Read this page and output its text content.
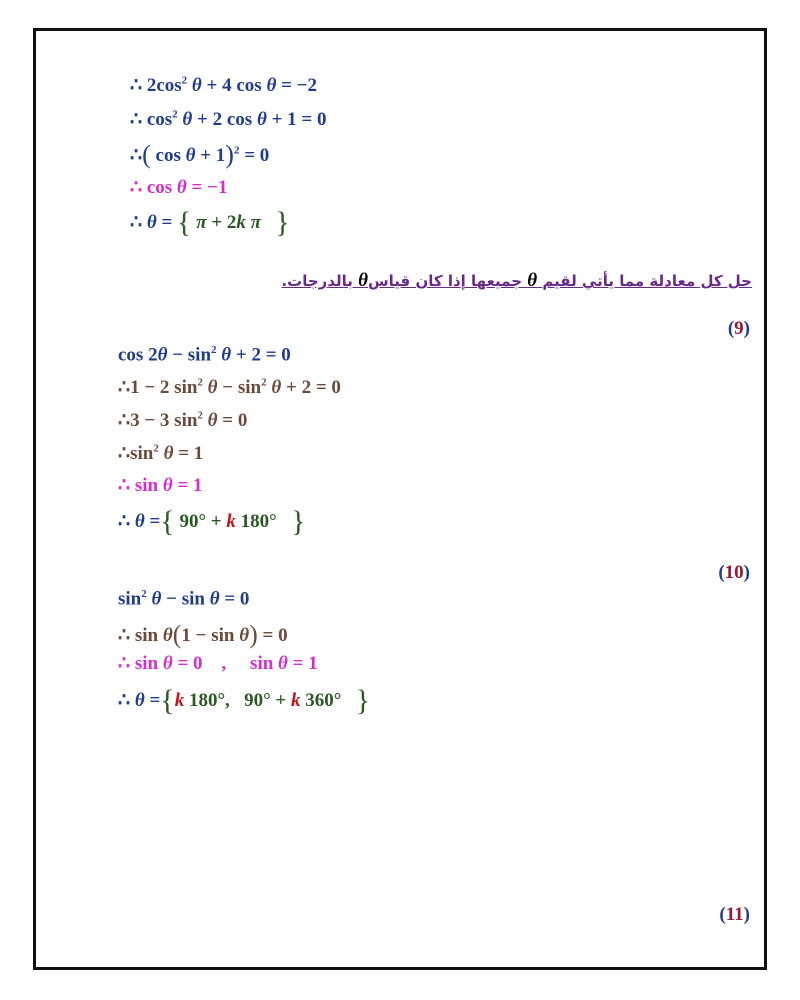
∴ $2\cos^2$ θ + 4 cos θ = −2
∴ $\cos^2 \theta + 2$ cos θ + 1 = 0
∴( cos θ + 1)$^2$ = 0
∴ cos θ = −1
∴ θ = { π + 2k π }
حل كل معادلة مما يأتي لقيم θ جميعها إذا كان قياسθ بالدرجات.
(9)
$\cos 2\theta - \sin^2 \theta + 2 = 0$
∴1 − 2 $\sin^2 \theta - \sin^2 \theta + 2 = 0$
∴3 − 3 $\sin^2 \theta = 0$
$\therefore\sin^2$ θ = 1
∴ sin θ = 1
∴ θ ={ 90° + k 180° }
(10)
$\sin^2 \theta - \sin \theta = 0$
∴ sin θ(1 − sin θ) = 0
∴ sin θ = 0 , sin θ = 1
∴ θ ={k 180°, 90° + k 360° }
(11)
